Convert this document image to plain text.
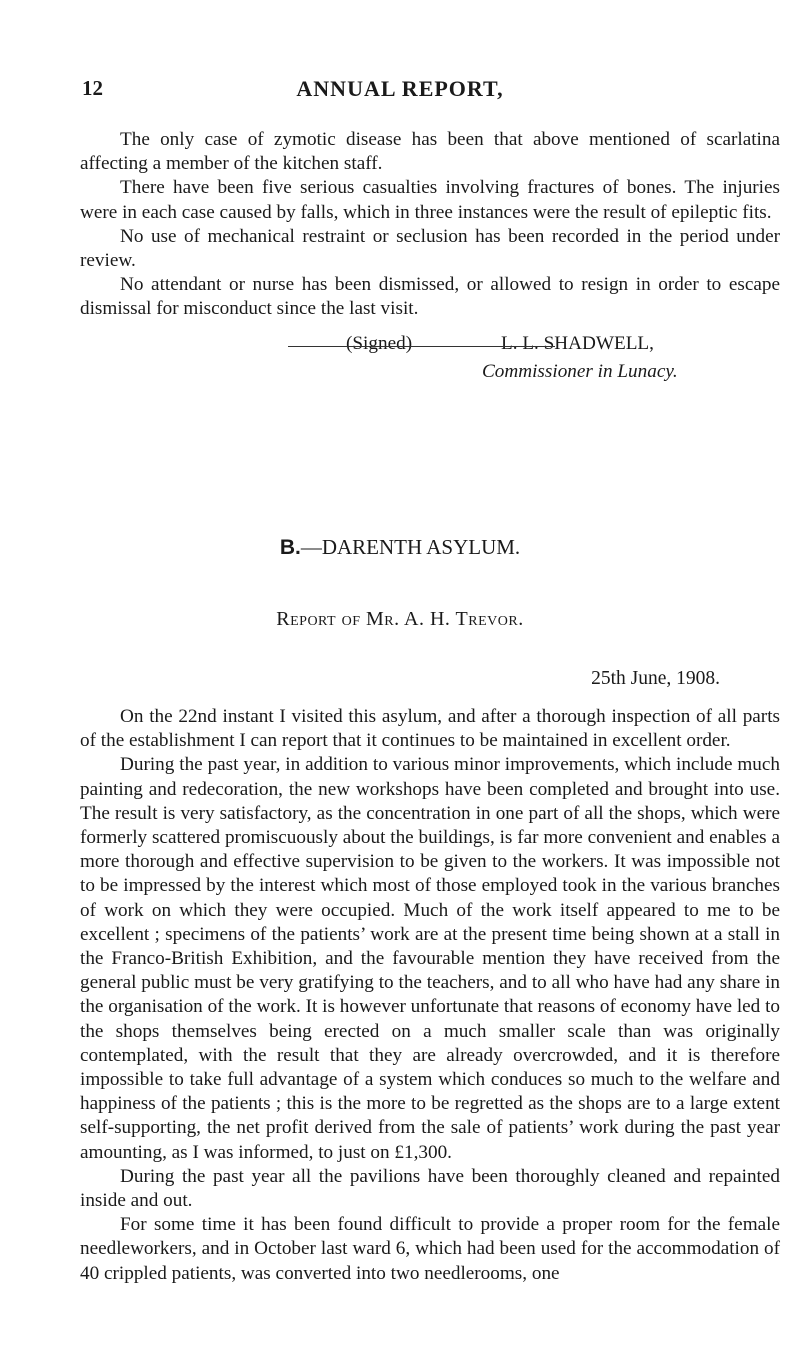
12	ANNUAL REPORT,

The only case of zymotic disease has been that above mentioned of scarlatina affecting a member of the kitchen staff.

There have been five serious casualties involving fractures of bones. The injuries were in each case caused by falls, which in three instances were the result of epileptic fits.

No use of mechanical restraint or seclusion has been recorded in the period under review.

No attendant or nurse has been dismissed, or allowed to resign in order to escape dismissal for misconduct since the last visit.

(Signed)	L. L. SHADWELL,
Commissioner in Lunacy.
B.—DARENTH ASYLUM.
Report of Mr. A. H. Trevor.
25th June, 1908.

On the 22nd instant I visited this asylum, and after a thorough inspection of all parts of the establishment I can report that it continues to be maintained in excellent order.

During the past year, in addition to various minor improvements, which include much painting and redecoration, the new workshops have been completed and brought into use. The result is very satisfactory, as the concentration in one part of all the shops, which were formerly scattered promiscuously about the buildings, is far more convenient and enables a more thorough and effective supervision to be given to the workers. It was impossible not to be impressed by the interest which most of those employed took in the various branches of work on which they were occupied. Much of the work itself appeared to me to be excellent ; specimens of the patients’ work are at the present time being shown at a stall in the Franco-British Exhibition, and the favourable mention they have received from the general public must be very gratifying to the teachers, and to all who have had any share in the organisation of the work. It is however unfortunate that reasons of economy have led to the shops themselves being erected on a much smaller scale than was originally contemplated, with the result that they are already overcrowded, and it is therefore impossible to take full advantage of a system which conduces so much to the welfare and happiness of the patients ; this is the more to be regretted as the shops are to a large extent self-supporting, the net profit derived from the sale of patients’ work during the past year amounting, as I was informed, to just on £1,300.

During the past year all the pavilions have been thoroughly cleaned and repainted inside and out.

For some time it has been found difficult to provide a proper room for the female needleworkers, and in October last ward 6, which had been used for the accommodation of 40 crippled patients, was converted into two needlerooms, one
